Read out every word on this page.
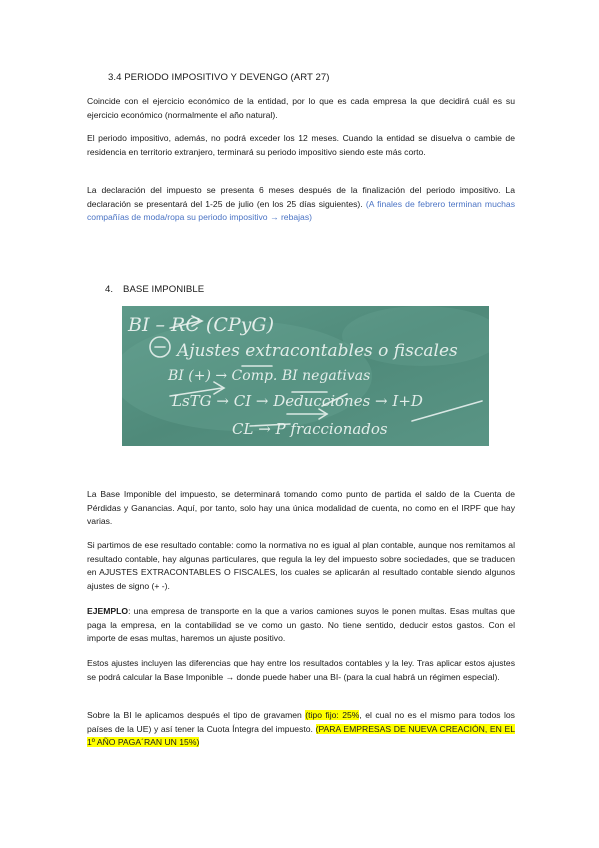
3.4 PERIODO IMPOSITIVO Y DEVENGO (ART 27)

Coincide con el ejercicio económico de la entidad, por lo que es cada empresa la que decidirá cuál es su ejercicio económico (normalmente el año natural).

El periodo impositivo, además, no podrá exceder los 12 meses. Cuando la entidad se disuelva o cambie de residencia en territorio extranjero, terminará su periodo impositivo siendo este más corto.

La declaración del impuesto se presenta 6 meses después de la finalización del periodo impositivo. La declaración se presentará del 1-25 de julio (en los 25 días siguientes). (A finales de febrero terminan muchas compañías de moda/ropa su periodo impositivo → rebajas)

4. BASE IMPONIBLE
BI – RC (CPyG)
Ajustes extracontables o fiscales
BI (+) → Comp. BI negativas
LsTG → CI → Deducciones → I+D
CL → P fraccionados

La Base Imponible del impuesto, se determinará tomando como punto de partida el saldo de la Cuenta de Pérdidas y Ganancias. Aquí, por tanto, solo hay una única modalidad de cuenta, no como en el IRPF que hay varias.

Si partimos de ese resultado contable: como la normativa no es igual al plan contable, aunque nos remitamos al resultado contable, hay algunas particulares, que regula la ley del impuesto sobre sociedades, que se traducen en AJUSTES EXTRACONTABLES O FISCALES, los cuales se aplicarán al resultado contable siendo algunos ajustes de signo (+ -).

EJEMPLO: una empresa de transporte en la que a varios camiones suyos le ponen multas. Esas multas que paga la empresa, en la contabilidad se ve como un gasto. No tiene sentido, deducir estos gastos. Con el importe de esas multas, haremos un ajuste positivo.

Estos ajustes incluyen las diferencias que hay entre los resultados contables y la ley. Tras aplicar estos ajustes se podrá calcular la Base Imponible → donde puede haber una BI- (para la cual habrá un régimen especial).

Sobre la BI le aplicamos después el tipo de gravamen (tipo fijo: 25%, el cual no es el mismo para todos los países de la UE) y así tener la Cuota Íntegra del impuesto. (PARA EMPRESAS DE NUEVA CREACIÓN, EN EL 1º AÑO PAGA´RAN UN 15%)
